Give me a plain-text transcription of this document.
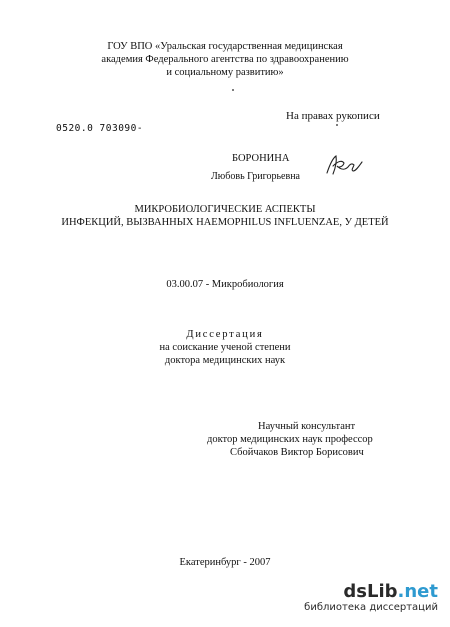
ГОУ ВПО «Уральская государственная медицинская
академия Федерального агентства по здравоохранению
и социальному развитию»
На правах рукописи
0520.0 703090-
БОРОНИНА
Любовь Григорьевна
МИКРОБИОЛОГИЧЕСКИЕ АСПЕКТЫ
ИНФЕКЦИЙ, ВЫЗВАННЫХ HAEMOPHILUS INFLUENZAE, У ДЕТЕЙ
03.00.07 - Микробиология
Диссертация
на соискание ученой степени
доктора медицинских наук
Научный консультант
доктор медицинских наук профессор
Сбойчаков Виктор Борисович
Екатеринбург - 2007
dsLib.net
библиотека диссертаций
